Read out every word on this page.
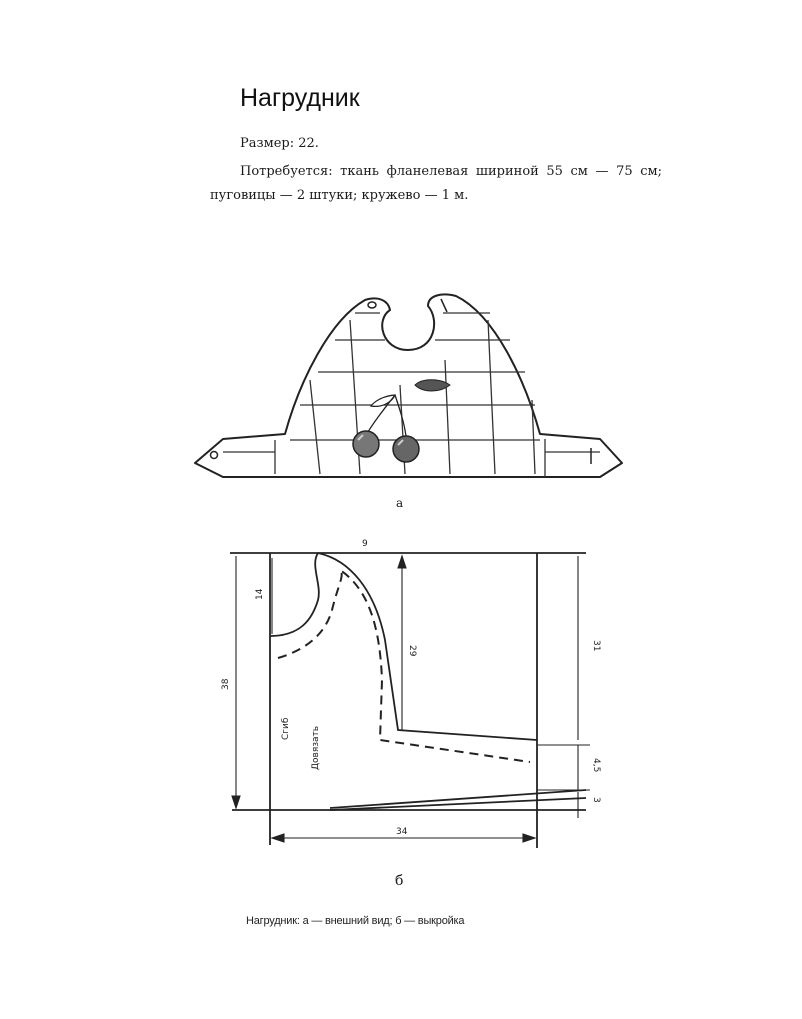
Нагрудник
Размер: 22.
Потребуется: ткань фланелевая шириной 55 см — 75 см; пуговицы — 2 штуки; кружево — 1 м.
а
9
14
38
29	31
4,5
3
34
Сгиб Довязать
б
Нагрудник: а — внешний вид; б — выкройка
